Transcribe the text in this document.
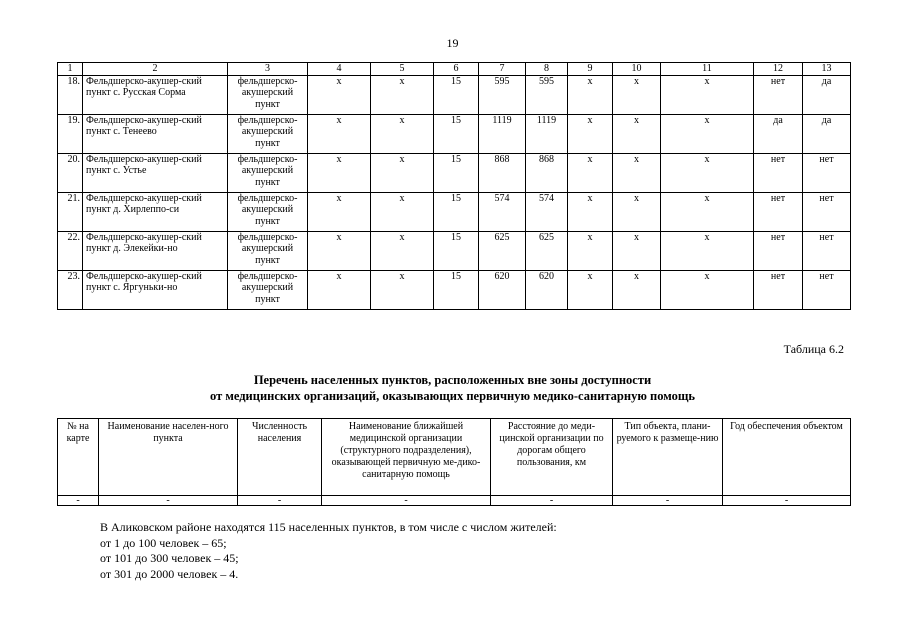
19
1	2	3	4	5	6	7	8	9	10	11	12	13
18.	Фельдшерско-акушер-ский пункт с. Русская Сорма	фельдшерско-акушерский пункт	х	х	15	595	595	х	х	х	нет	да
19.	Фельдшерско-акушер-ский пункт с. Тенеево	фельдшерско-акушерский пункт	х	х	15	1119	1119	х	х	х	да	да
20.	Фельдшерско-акушер-ский пункт с. Устье	фельдшерско-акушерский пункт	х	х	15	868	868	х	х	х	нет	нет
21.	Фельдшерско-акушер-ский пункт д. Хирлеппо-си	фельдшерско-акушерский пункт	х	х	15	574	574	х	х	х	нет	нет
22.	Фельдшерско-акушер-ский пункт д. Элекейки-но	фельдшерско-акушерский пункт	х	х	15	625	625	х	х	х	нет	нет
23.	Фельдшерско-акушер-ский пункт с. Яргуньки-но	фельдшерско-акушерский пункт	х	х	15	620	620	х	х	х	нет	нет
Таблица 6.2
Перечень населенных пунктов, расположенных вне зоны доступности
от медицинских организаций, оказывающих первичную медико-санитарную помощь
№ на карте	Наименование населен-ного пункта	Численность населения	Наименование ближайшей медицинской организации (структурного подразделения), оказывающей первичную ме-дико-санитарную помощь	Расстояние до меди-цинской организации по дорогам общего пользования, км	Тип объекта, плани-руемого к размеще-нию	Год обеспечения объектом
-	-	-	-	-	-	-
В Аликовском районе находятся 115 населенных пунктов, в том числе с числом жителей:
от 1 до 100 человек – 65;
от 101 до 300 человек – 45;
от 301 до 2000 человек – 4.
